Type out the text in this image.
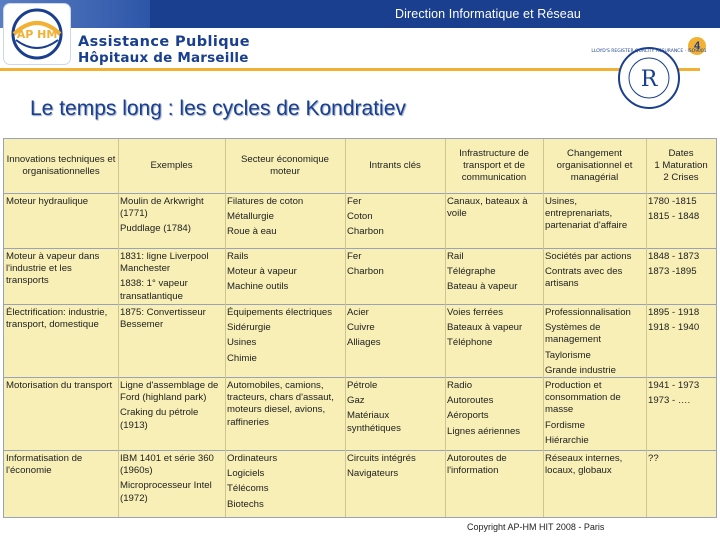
Direction Informatique et Réseau
AP HM Assistance Publique
Hôpitaux de Marseille
4
R
LLOYD'S REGISTER QUALITY ASSURANCE · ISO9001
Le temps long : les cycles de Kondratiev
Innovations techniques et organisationnelles
Exemples
Secteur économique moteur
Intrants clés
Infrastructure de transport et de communication
Changement organisationnel et managérial
Dates
1 Maturation
2 Crises
Moteur hydraulique	Moulin de Arkwright (1771)
Puddlage (1784)
Filatures de coton
Métallurgie
Roue à eau
Fer
Coton
Charbon
Canaux, bateaux à voile
Usines, entreprenariats, partenariat d'affaire
1780 -1815
1815 - 1848
Moteur à vapeur dans l'industrie et les transports
1831: ligne Liverpool Manchester
1838: 1° vapeur transatlantique
Rails
Moteur à vapeur
Machine outils
Fer
Charbon
Rail
Télégraphe
Bateau à vapeur
Sociétés par actions
Contrats avec des artisans
1848 - 1873
1873 -1895
Électrification: industrie, transport, domestique
1875: Convertisseur Bessemer
Équipements électriques
Sidérurgie
Usines
Chimie
Acier
Cuivre
Alliages
Voies ferrées
Bateaux à vapeur
Téléphone
Professionnalisation
Systèmes de management
Taylorisme
Grande industrie
1895 - 1918
1918 - 1940
Motorisation du transport Ligne d'assemblage de Ford (highland park)
Craking du pétrole (1913)
Automobiles, camions, tracteurs, chars d'assaut, moteurs diesel, avions, raffineries
Pétrole
Gaz
Matériaux synthétiques
Radio
Autoroutes
Aéroports
Lignes aériennes
Production et consommation de masse
Fordisme
Hiérarchie
1941 - 1973
1973 - ….
Informatisation de l'économie
IBM 1401 et série 360 (1960s)
Microprocesseur Intel (1972)
Ordinateurs
Logiciels
Télécoms
Biotechs
Circuits intégrés
Navigateurs
Autoroutes de l'information
Réseaux internes, locaux, globaux
??
Copyright AP-HM HIT 2008 - Paris
